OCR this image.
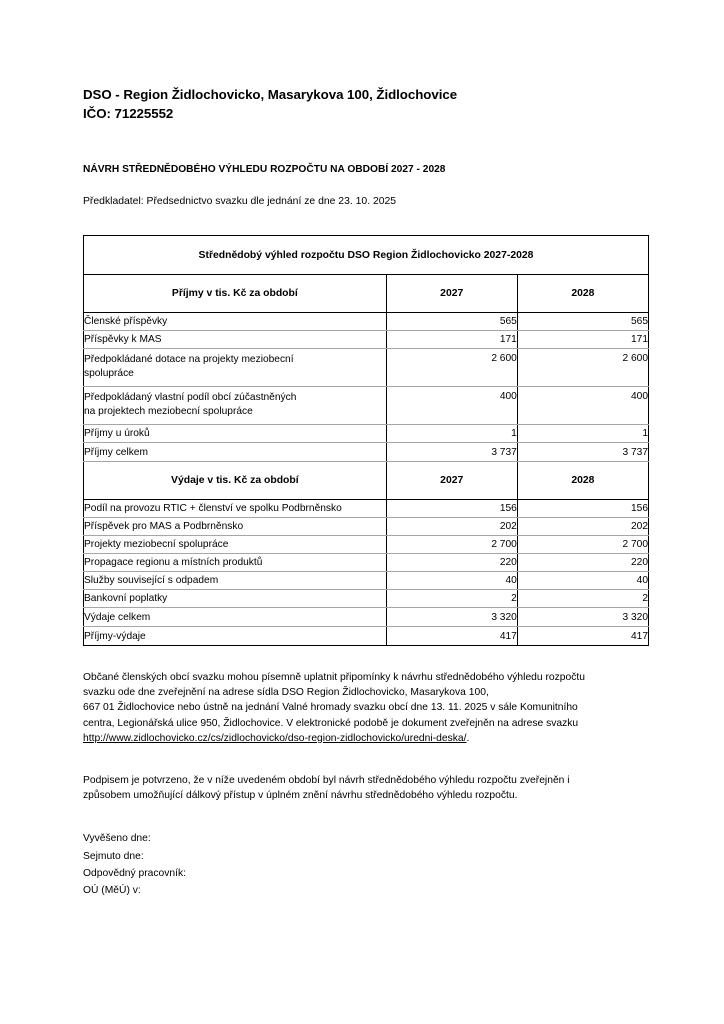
DSO - Region Židlochovicko, Masarykova 100, Židlochovice
IČO: 71225552

NÁVRH STŘEDNĚDOBÉHO VÝHLEDU ROZPOČTU NA OBDOBÍ 2027 - 2028

Předkladatel: Předsednictvo svazku dle jednání ze dne 23. 10. 2025

Střednědobý výhled rozpočtu DSO Region Židlochovicko 2027-2028		
Příjmy v tis. Kč za období	2027	2028
Členské příspěvky	565	565
Příspěvky k MAS	171	171

Předpokládané dotace na projekty meziobecní
spolupráce	2 600	2 600

Předpokládaný vlastní podíl obcí zúčastněných
na projektech meziobecní spolupráce	400	400
Příjmy u úroků	1	1
Příjmy celkem	3 737	3 737
Výdaje v tis. Kč za období	2027	2028
Podíl na provozu RTIC + členství ve spolku Podbrněnsko	156	156
Příspěvek pro MAS a Podbrněnsko	202	202
Projekty meziobecní spolupráce	2 700	2 700
Propagace regionu a místních produktů	220	220
Služby související s odpadem	40	40
Bankovní poplatky	2	2
Výdaje celkem	3 320	3 320
Příjmy-výdaje	417	417
Občané členských obcí svazku mohou písemně uplatnit připomínky k návrhu střednědobého výhledu rozpočtu
svazku ode dne zveřejnění na adrese sídla DSO Region Židlochovicko, Masarykova 100,
667 01 Židlochovice nebo ústně na jednání Valné hromady svazku obcí dne 13. 11. 2025 v sále Komunitního
centra, Legionářská ulice 950, Židlochovice. V elektronické podobě je dokument zveřejněn na adrese svazku
http://www.zidlochovicko.cz/cs/zidlochovicko/dso-region-zidlochovicko/uredni-deska/.
Podpisem je potvrzeno, že v níže uvedeném období byl návrh střednědobého výhledu rozpočtu zveřejněn i
způsobem umožňující dálkový přístup v úplném znění návrhu střednědobého výhledu rozpočtu.

Vyvěšeno dne:

Sejmuto dne:

Odpovědný pracovník:

OÚ (MěÚ) v:
